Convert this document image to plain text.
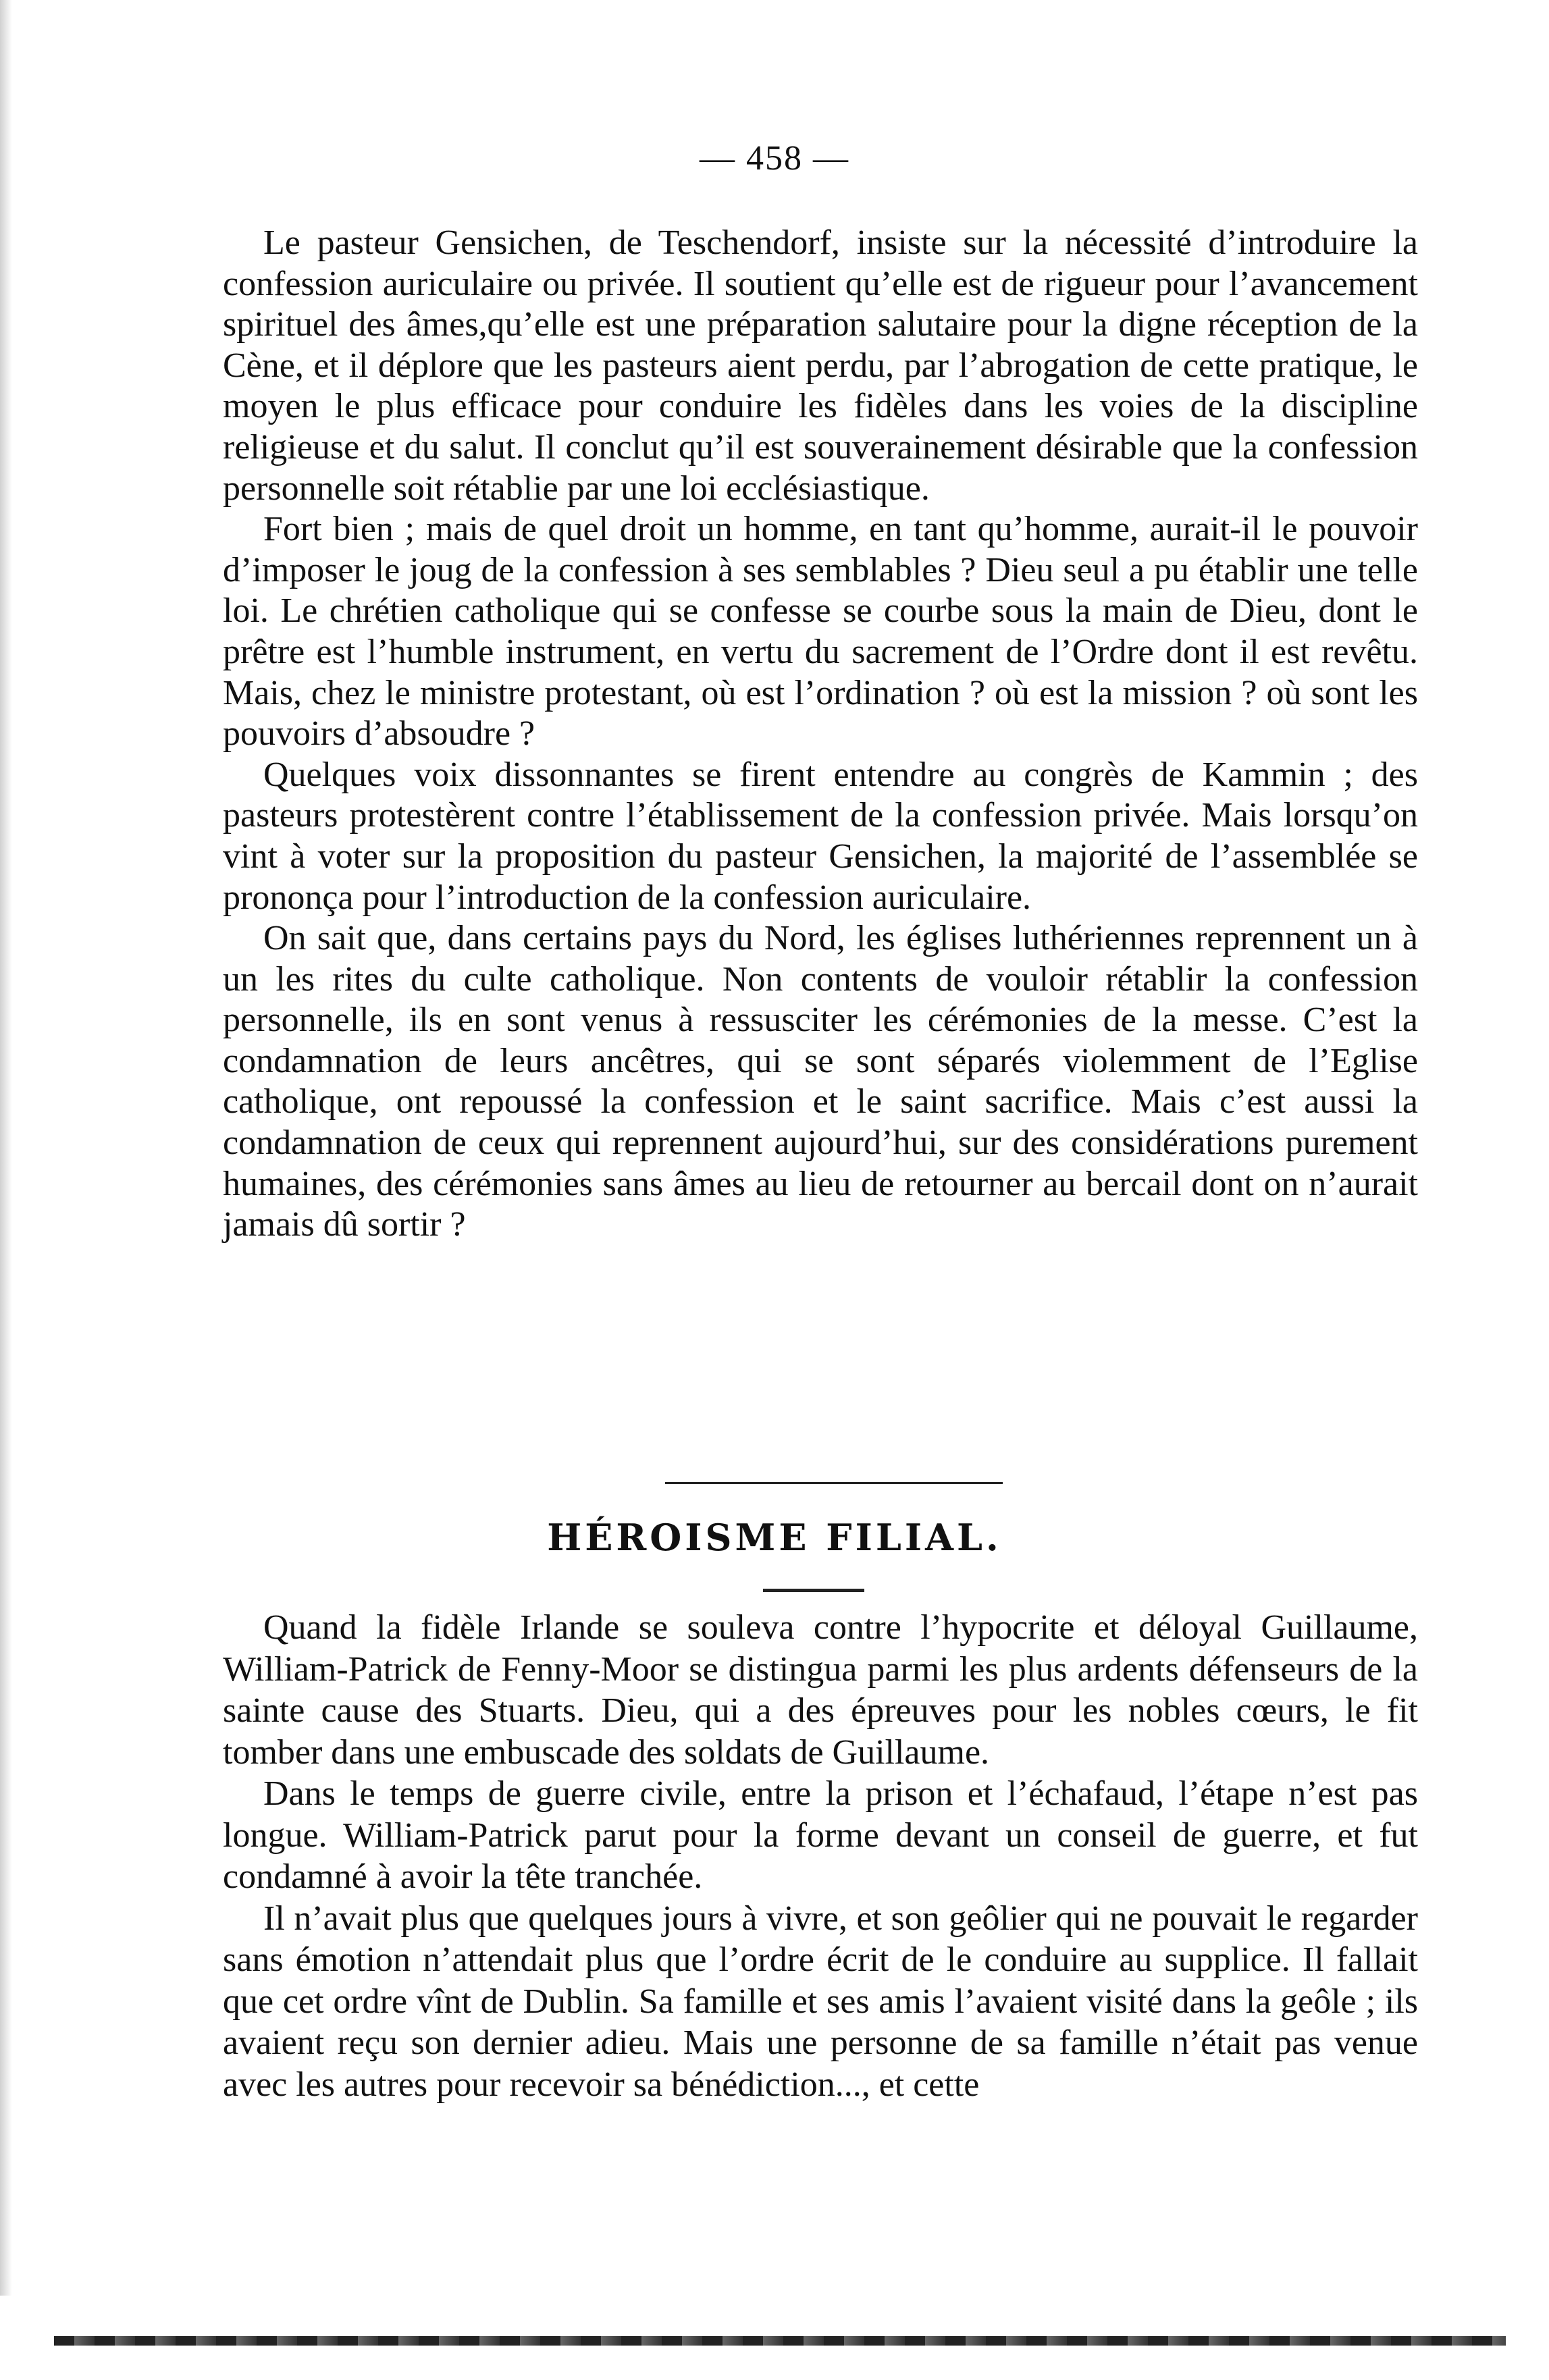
— 458 —

Le pasteur Gensichen, de Teschendorf, insiste sur la nécessité d’introduire la confession auriculaire ou privée. Il soutient qu’elle est de rigueur pour l’avancement spirituel des âmes,qu’elle est une préparation salutaire pour la digne réception de la Cène, et il déplore que les pasteurs aient perdu, par l’abrogation de cette pratique, le moyen le plus efficace pour conduire les fidèles dans les voies de la discipline religieuse et du salut. Il conclut qu’il est souverainement désirable que la confession personnelle soit rétablie par une loi ecclésiastique.

Fort bien ; mais de quel droit un homme, en tant qu’homme, aurait-il le pouvoir d’imposer le joug de la confession à ses semblables ? Dieu seul a pu établir une telle loi. Le chrétien catholique qui se confesse se courbe sous la main de Dieu, dont le prêtre est l’humble instrument, en vertu du sacrement de l’Ordre dont il est revêtu. Mais, chez le ministre protestant, où est l’ordination ? où est la mission ? où sont les pouvoirs d’absoudre ?

Quelques voix dissonnantes se firent entendre au congrès de Kammin ; des pasteurs protestèrent contre l’établissement de la confession privée. Mais lorsqu’on vint à voter sur la proposition du pasteur Gensichen, la majorité de l’assemblée se prononça pour l’introduction de la confession auriculaire.

On sait que, dans certains pays du Nord, les églises luthériennes reprennent un à un les rites du culte catholique. Non contents de vouloir rétablir la confession personnelle, ils en sont venus à ressusciter les cérémonies de la messe. C’est la condamnation de leurs ancêtres, qui se sont séparés violemment de l’Eglise catholique, ont repoussé la confession et le saint sacrifice. Mais c’est aussi la condamnation de ceux qui reprennent aujourd’hui, sur des considérations purement humaines, des cérémonies sans âmes au lieu de retourner au bercail dont on n’aurait jamais dû sortir ?

HÉROISME FILIAL.

Quand la fidèle Irlande se souleva contre l’hypocrite et déloyal Guillaume, William-Patrick de Fenny-Moor se distingua parmi les plus ardents défenseurs de la sainte cause des Stuarts. Dieu, qui a des épreuves pour les nobles cœurs, le fit tomber dans une embuscade des soldats de Guillaume.

Dans le temps de guerre civile, entre la prison et l’échafaud, l’étape n’est pas longue. William-Patrick parut pour la forme devant un conseil de guerre, et fut condamné à avoir la tête tranchée.

Il n’avait plus que quelques jours à vivre, et son geôlier qui ne pouvait le regarder sans émotion n’attendait plus que l’ordre écrit de le conduire au supplice. Il fallait que cet ordre vînt de Dublin. Sa famille et ses amis l’avaient visité dans la geôle ; ils avaient reçu son dernier adieu. Mais une personne de sa famille n’était pas venue avec les autres pour recevoir sa bénédiction..., et cette
